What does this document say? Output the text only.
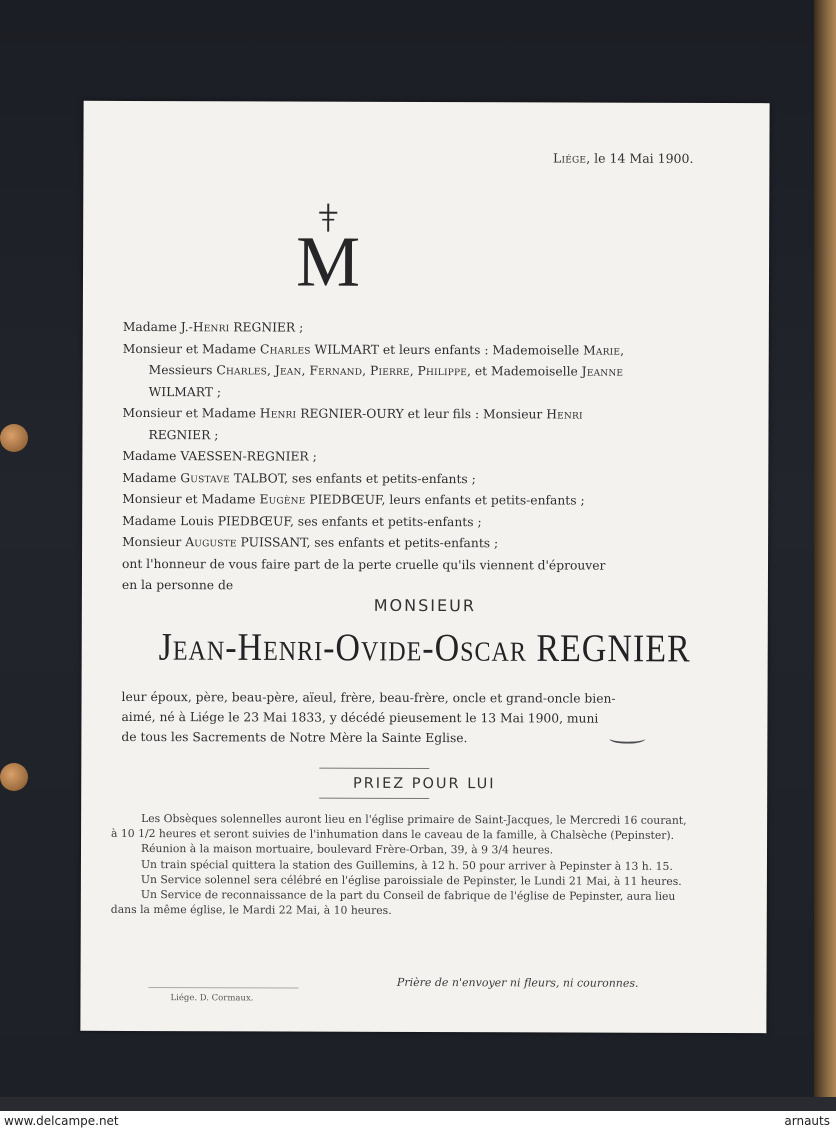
Liége, le 14 Mai 1900.
M
Madame J.-Henri REGNIER ;
Monsieur et Madame Charles WILMART et leurs enfants : Mademoiselle Marie,
Messieurs Charles, Jean, Fernand, Pierre, Philippe, et Mademoiselle Jeanne
WILMART ;
Monsieur et Madame Henri REGNIER-OURY et leur fils : Monsieur Henri
REGNIER ;
Madame VAESSEN-REGNIER ;
Madame Gustave TALBOT, ses enfants et petits-enfants ;
Monsieur et Madame Eugène PIEDBŒUF, leurs enfants et petits-enfants ;
Madame Louis PIEDBŒUF, ses enfants et petits-enfants ;
Monsieur Auguste PUISSANT, ses enfants et petits-enfants ;
ont l'honneur de vous faire part de la perte cruelle qu'ils viennent d'éprouver
en la personne de
MONSIEUR
Jean-Henri-Ovide-Oscar REGNIER
leur époux, père, beau-père, aïeul, frère, beau-frère, oncle et grand-oncle bien-
aimé, né à Liége le 23 Mai 1833, y décédé pieusement le 13 Mai 1900, muni
de tous les Sacrements de Notre Mère la Sainte Eglise.
PRIEZ POUR LUI

Les Obsèques solennelles auront lieu en l'église primaire de Saint-Jacques, le Mercredi 16 courant, à 10 1/2 heures et seront suivies de l'inhumation dans le caveau de la famille, à Chalsèche (Pepinster).

Réunion à la maison mortuaire, boulevard Frère-Orban, 39, à 9 3/4 heures.

Un train spécial quittera la station des Guillemins, à 12 h. 50 pour arriver à Pepinster à 13 h. 15.

Un Service solennel sera célébré en l'église paroissiale de Pepinster, le Lundi 21 Mai, à 11 heures.

Un Service de reconnaissance de la part du Conseil de fabrique de l'église de Pepinster, aura lieu dans la même église, le Mardi 22 Mai, à 10 heures.

Prière de n'envoyer ni fleurs, ni couronnes.
Liége. D. Cormaux.
www.delcampe.net	arnauts
